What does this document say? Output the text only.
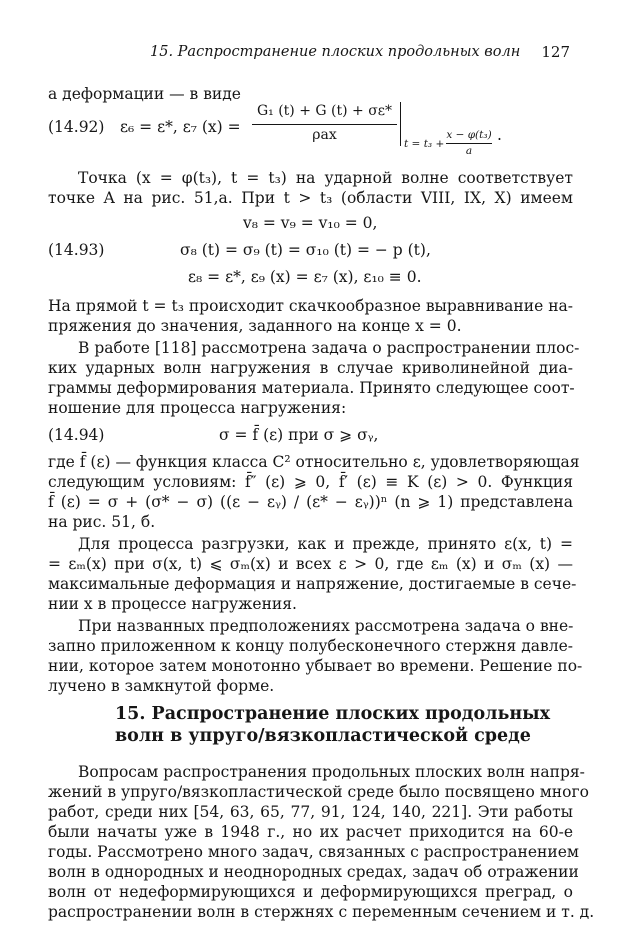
15. Распространение плоских продольных волн 127
а деформации — в виде
(14.92) ε₆ = ε*, ε₇ (x) =
G₁ (t) + G (t) + σε*
ρax
t = t₃ +
x − φ(t₃)
a
.
Точка (x = φ(t₃), t = t₃) на ударной волне соответствует
точке A на рис. 51,a. При t > t₃ (области VIII, IX, X) имеем
v₈ = v₉ = v₁₀ = 0,
(14.93)	σ₈ (t) = σ₉ (t) = σ₁₀ (t) = − p (t),
ε₈ = ε*, ε₉ (x) = ε₇ (x), ε₁₀ ≡ 0.
На прямой t = t₃ происходит скачкообразное выравнивание на-
пряжения до значения, заданного на конце x = 0.
В работе [118] рассмотрена задача о распространении плос-
ких ударных волн нагружения в случае криволинейной диа-
граммы деформирования материала. Принято следующее соот-
ношение для процесса нагружения:
(14.94)	σ = f̄ (ε) при σ ⩾ σᵧ,
где f̄ (ε) — функция класса C² относительно ε, удовлетворяющая
следующим условиям: f̄″ (ε) ⩾ 0, f̄′ (ε) ≡ K (ε) > 0. Функция
f̄ (ε) = σ + (σ* − σ) ((ε − εᵧ) / (ε* − εᵧ))ⁿ (n ⩾ 1) представлена
на рис. 51, б.
Для процесса разгрузки, как и прежде, принято ε(x, t) =
= εₘ(x) при σ(x, t) ⩽ σₘ(x) и всех ε > 0, где εₘ (x) и σₘ (x) —
максимальные деформация и напряжение, достигаемые в сече-
нии x в процессе нагружения.
При названных предположениях рассмотрена задача о вне-
запно приложенном к концу полубесконечного стержня давле-
нии, которое затем монотонно убывает во времени. Решение по-
лучено в замкнутой форме.
15. Распространение плоских продольных
волн в упруго/вязкопластической среде
Вопросам распространения продольных плоских волн напря-
жений в упруго/вязкопластической среде было посвящено много
работ, среди них [54, 63, 65, 77, 91, 124, 140, 221]. Эти работы
были начаты уже в 1948 г., но их расчет приходится на 60-е
годы. Рассмотрено много задач, связанных с распространением
волн в однородных и неоднородных средах, задач об отражении
волн от недеформирующихся и деформирующихся преград, о
распространении волн в стержнях с переменным сечением и т. д.
